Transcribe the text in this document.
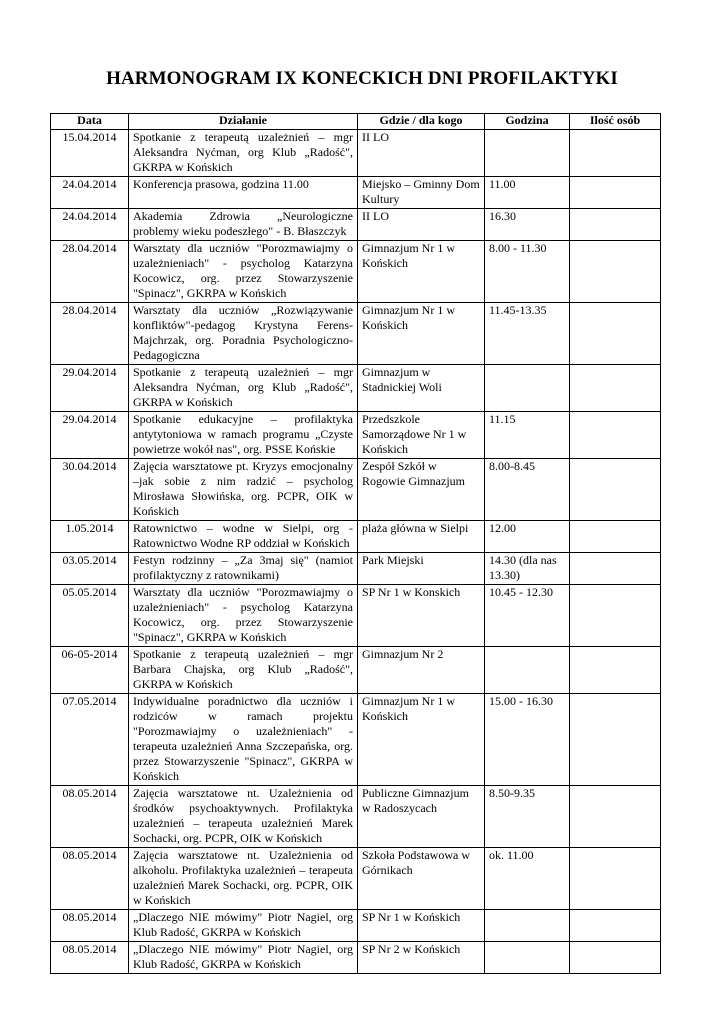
HARMONOGRAM IX KONECKICH DNI PROFILAKTYKI
Data	Działanie	Gdzie / dla kogo	Godzina	Ilość osób
15.04.2014	Spotkanie z terapeutą uzależnień – mgr Aleksandra Nyćman, org Klub „Radość", GKRPA w Końskich	II LO		
24.04.2014	Konferencja prasowa, godzina 11.00	Miejsko – Gminny Dom Kultury	11.00	
24.04.2014	Akademia Zdrowia „Neurologiczne problemy wieku podeszłego" - B. Błaszczyk	II LO	16.30	
28.04.2014	Warsztaty dla uczniów "Porozmawiajmy o uzależnieniach" - psycholog Katarzyna Kocowicz, org. przez Stowarzyszenie "Spinacz", GKRPA w Końskich	Gimnazjum Nr 1 w Końskich	8.00 - 11.30	
28.04.2014	Warsztaty dla uczniów „Rozwiązywanie konfliktów"-pedagog Krystyna Ferens-Majchrzak, org. Poradnia Psychologiczno-Pedagogiczna	Gimnazjum Nr 1 w Końskich	11.45-13.35	
29.04.2014	Spotkanie z terapeutą uzależnień – mgr Aleksandra Nyćman, org Klub „Radość", GKRPA w Końskich	Gimnazjum w Stadnickiej Woli		
29.04.2014	Spotkanie edukacyjne – profilaktyka antytytoniowa w ramach programu „Czyste powietrze wokół nas", org. PSSE Końskie	Przedszkole Samorządowe Nr 1 w Końskich	11.15	
30.04.2014	Zajęcia warsztatowe pt. Kryzys emocjonalny –jak sobie z nim radzić – psycholog Mirosława Słowińska, org. PCPR, OIK w Końskich	Zespół Szkół w Rogowie Gimnazjum	8.00-8.45	
1.05.2014	Ratownictwo – wodne w Sielpi, org - Ratownictwo Wodne RP oddział w Końskich	plaża główna w Sielpi	12.00	
03.05.2014	Festyn rodzinny – „Za 3maj się" (namiot profilaktyczny z ratownikami)	Park Miejski	14.30 (dla nas 13.30)	
05.05.2014	Warsztaty dla uczniów "Porozmawiajmy o uzależnieniach" - psycholog Katarzyna Kocowicz, org. przez Stowarzyszenie "Spinacz", GKRPA w Końskich	SP Nr 1 w Konskich	10.45 - 12.30	
06-05-2014	Spotkanie z terapeutą uzależnień – mgr Barbara Chajska, org Klub „Radość", GKRPA w Końskich	Gimnazjum Nr 2		
07.05.2014	Indywidualne poradnictwo dla uczniów i rodziców w ramach projektu "Porozmawiajmy o uzależnieniach" - terapeuta uzależnień Anna Szczepańska, org. przez Stowarzyszenie "Spinacz", GKRPA w Końskich	Gimnazjum Nr 1 w Końskich	15.00 - 16.30	
08.05.2014	Zajęcia warsztatowe nt. Uzależnienia od środków psychoaktywnych. Profilaktyka uzależnień – terapeuta uzależnień Marek Sochacki, org. PCPR, OIK w Końskich	Publiczne Gimnazjum w Radoszycach	8.50-9.35	
08.05.2014	Zajęcia warsztatowe nt. Uzależnienia od alkoholu. Profilaktyka uzależnień – terapeuta uzależnień Marek Sochacki, org. PCPR, OIK w Końskich	Szkoła Podstawowa w Górnikach	ok. 11.00	
08.05.2014	„Dlaczego NIE mówimy" Piotr Nagiel, org Klub Radość, GKRPA w Końskich	SP Nr 1 w Końskich		
08.05.2014	„Dlaczego NIE mówimy" Piotr Nagiel, org Klub Radość, GKRPA w Końskich	SP Nr 2 w Końskich		
